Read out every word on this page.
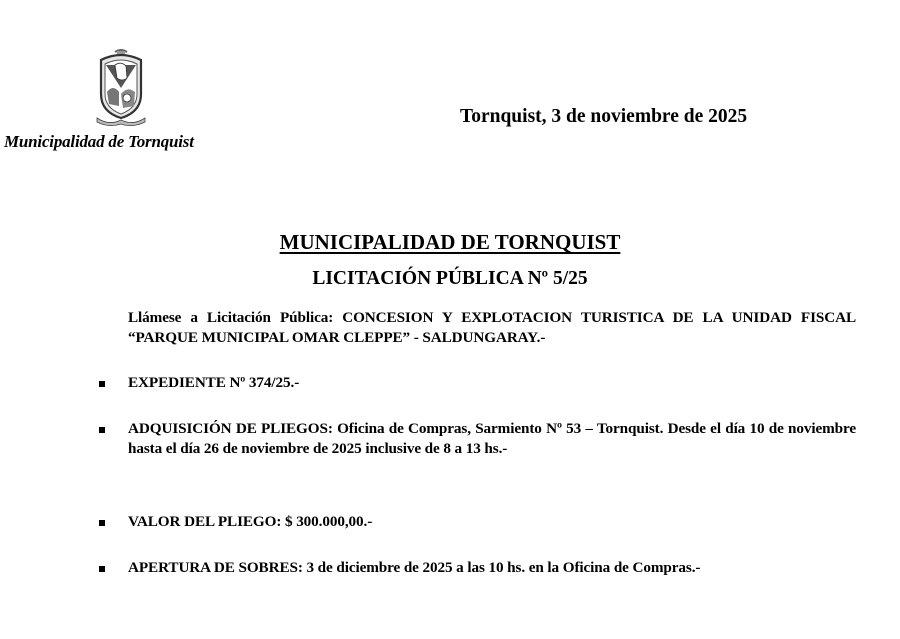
Municipalidad de Tornquist
Tornquist, 3 de noviembre de 2025
MUNICIPALIDAD DE TORNQUIST
LICITACIÓN PÚBLICA Nº 5/25
Llámese a Licitación Pública: CONCESION Y EXPLOTACION TURISTICA DE LA UNIDAD FISCAL “PARQUE MUNICIPAL OMAR CLEPPE” - SALDUNGARAY.-
EXPEDIENTE Nº 374/25.-
ADQUISICIÓN DE PLIEGOS: Oficina de Compras, Sarmiento Nº 53 – Tornquist. Desde el día 10 de noviembre hasta el día 26 de noviembre de 2025 inclusive de 8 a 13 hs.-
VALOR DEL PLIEGO: $ 300.000,00.-
APERTURA DE SOBRES: 3 de diciembre de 2025 a las 10 hs. en la Oficina de Compras.-
